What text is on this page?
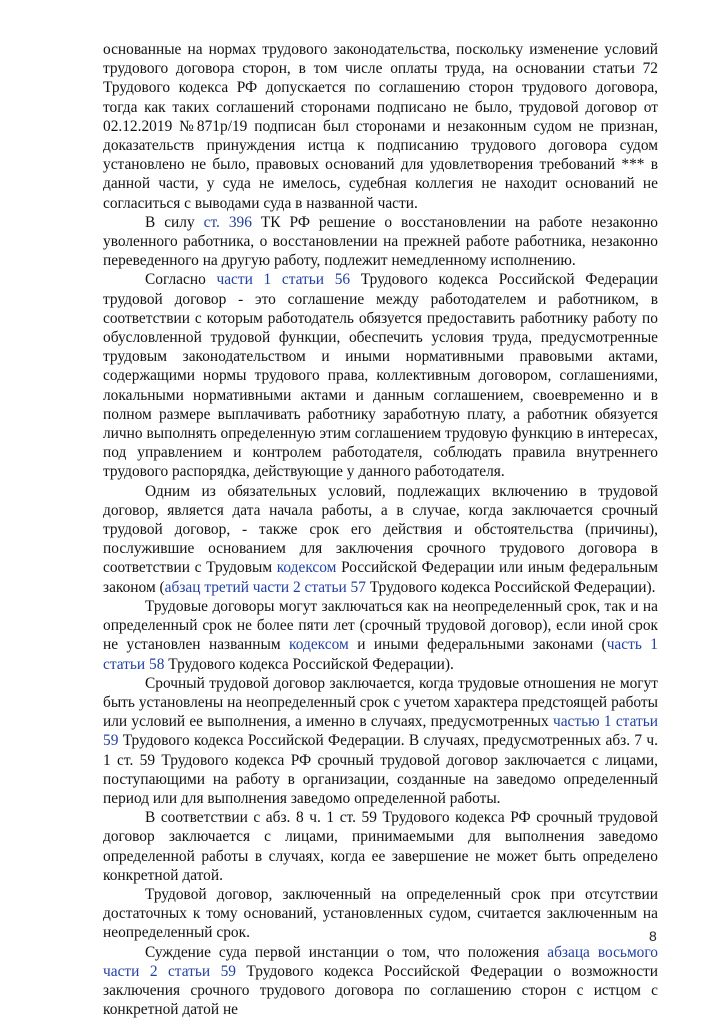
основанные на нормах трудового законодательства, поскольку изменение условий трудового договора сторон, в том числе оплаты труда, на основании статьи 72 Трудового кодекса РФ допускается по соглашению сторон трудового договора, тогда как таких соглашений сторонами подписано не было, трудовой договор от 02.12.2019 №871р/19 подписан был сторонами и незаконным судом не признан, доказательств принуждения истца к подписанию трудового договора судом установлено не было, правовых оснований для удовлетворения требований *** в данной части, у суда не имелось, судебная коллегия не находит оснований не согласиться с выводами суда в названной части.

В силу ст. 396 ТК РФ решение о восстановлении на работе незаконно уволенного работника, о восстановлении на прежней работе работника, незаконно переведенного на другую работу, подлежит немедленному исполнению.

Согласно части 1 статьи 56 Трудового кодекса Российской Федерации трудовой договор - это соглашение между работодателем и работником, в соответствии с которым работодатель обязуется предоставить работнику работу по обусловленной трудовой функции, обеспечить условия труда, предусмотренные трудовым законодательством и иными нормативными правовыми актами, содержащими нормы трудового права, коллективным договором, соглашениями, локальными нормативными актами и данным соглашением, своевременно и в полном размере выплачивать работнику заработную плату, а работник обязуется лично выполнять определенную этим соглашением трудовую функцию в интересах, под управлением и контролем работодателя, соблюдать правила внутреннего трудового распорядка, действующие у данного работодателя.

Одним из обязательных условий, подлежащих включению в трудовой договор, является дата начала работы, а в случае, когда заключается срочный трудовой договор, - также срок его действия и обстоятельства (причины), послужившие основанием для заключения срочного трудового договора в соответствии с Трудовым кодексом Российской Федерации или иным федеральным законом (абзац третий части 2 статьи 57 Трудового кодекса Российской Федерации).

Трудовые договоры могут заключаться как на неопределенный срок, так и на определенный срок не более пяти лет (срочный трудовой договор), если иной срок не установлен названным кодексом и иными федеральными законами (часть 1 статьи 58 Трудового кодекса Российской Федерации).

Срочный трудовой договор заключается, когда трудовые отношения не могут быть установлены на неопределенный срок с учетом характера предстоящей работы или условий ее выполнения, а именно в случаях, предусмотренных частью 1 статьи 59 Трудового кодекса Российской Федерации. В случаях, предусмотренных абз. 7 ч. 1 ст. 59 Трудового кодекса РФ срочный трудовой договор заключается с лицами, поступающими на работу в организации, созданные на заведомо определенный период или для выполнения заведомо определенной работы.

В соответствии с абз. 8 ч. 1 ст. 59 Трудового кодекса РФ срочный трудовой договор заключается с лицами, принимаемыми для выполнения заведомо определенной работы в случаях, когда ее завершение не может быть определено конкретной датой.

Трудовой договор, заключенный на определенный срок при отсутствии достаточных к тому оснований, установленных судом, считается заключенным на неопределенный срок.

Суждение суда первой инстанции о том, что положения абзаца восьмого части 2 статьи 59 Трудового кодекса Российской Федерации о возможности заключения срочного трудового договора по соглашению сторон с истцом с конкретной датой не

8
